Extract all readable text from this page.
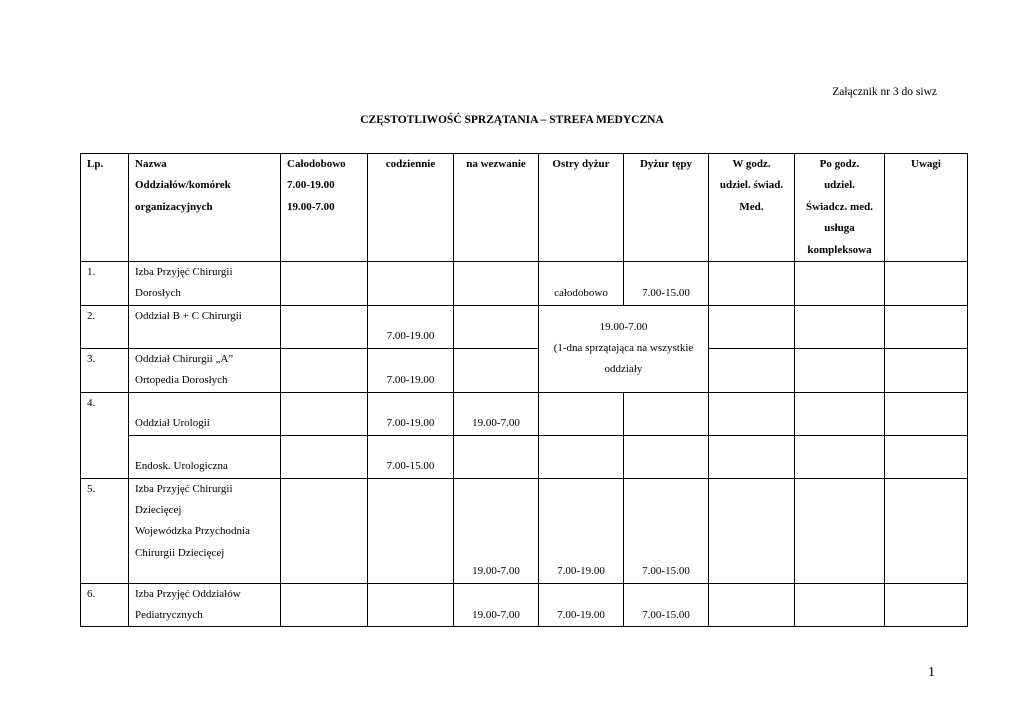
Załącznik nr 3 do siwz
CZĘSTOTLIWOŚĆ SPRZĄTANIA – STREFA MEDYCZNA
Lp.	Nazwa
Oddziałów/komórek
organizacyjnych	Całodobowo
7.00-19.00
19.00-7.00	codziennie	na wezwanie	Ostry dyżur	Dyżur tępy	W godz.
udziel. świad.
Med.	Po godz.
udziel.
Świadcz. med.
usługa
kompleksowa	Uwagi
1.	Izba Przyjęć Chirurgii
Dorosłych				całodobowo	7.00-15.00			
2.	Oddział B + C Chirurgii		7.00-19.00		19.00-7.00
(1-dna sprzątająca na wszystkie
oddziały				

3.	Oddział Chirurgii „A”
Ortopedia Dorosłych		7.00-19.00						
4.	Oddział Urologii		7.00-19.00	19.00-7.00					
	Endosk. Urologiczna		7.00-15.00						
5.	Izba Przyjęć Chirurgii
Dziecięcej
Wojewódzka Przychodnia
Chirurgii Dziecięcej			19.00-7.00	7.00-19.00	7.00-15.00			
6.	Izba Przyjęć Oddziałów
Pediatrycznych			19.00-7.00	7.00-19.00	7.00-15.00			
1
